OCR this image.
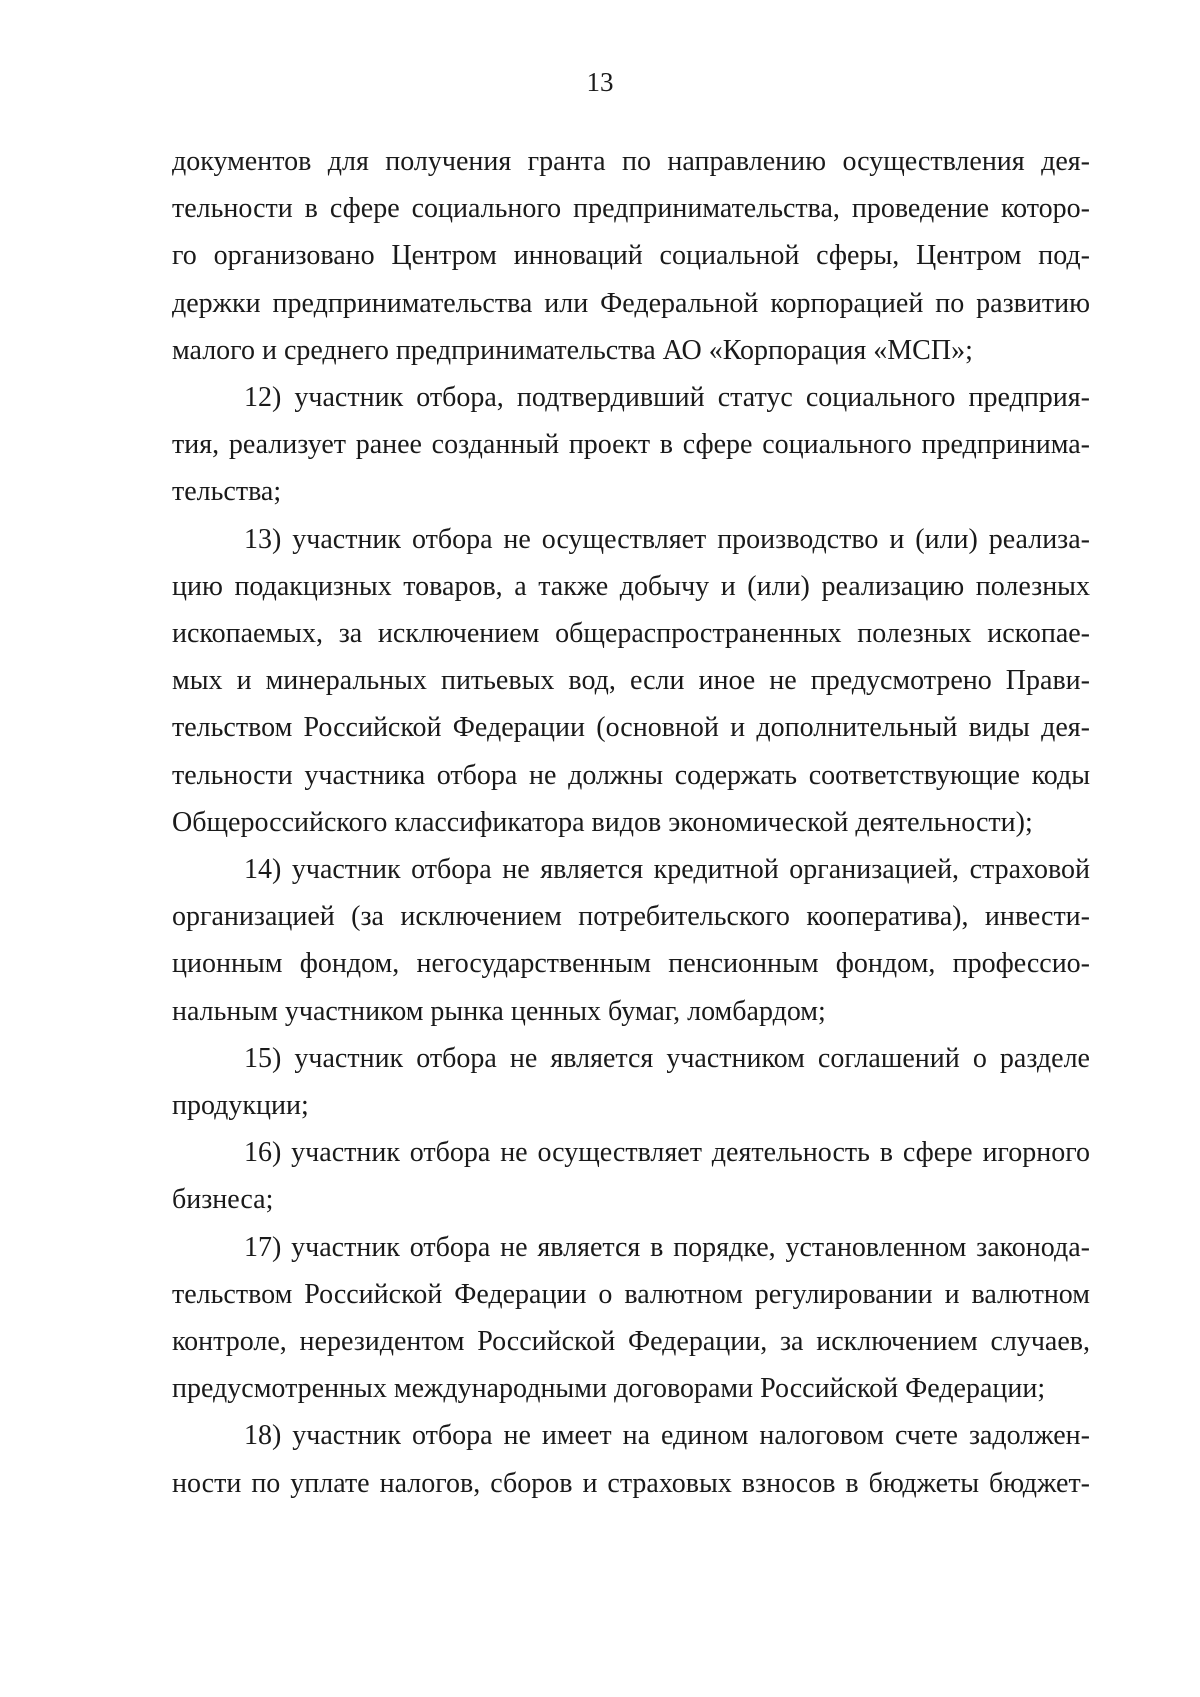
13
документов для получения гранта по направлению осуществления дея-
тельности в сфере социального предпринимательства, проведение которо-
го организовано Центром инноваций социальной сферы, Центром под-
держки предпринимательства или Федеральной корпорацией по развитию
малого и среднего предпринимательства АО «Корпорация «МСП»;
12) участник отбора, подтвердивший статус социального предприя-
тия, реализует ранее созданный проект в сфере социального предпринима-
тельства;
13) участник отбора не осуществляет производство и (или) реализа-
цию подакцизных товаров, а также добычу и (или) реализацию полезных
ископаемых, за исключением общераспространенных полезных ископае-
мых и минеральных питьевых вод, если иное не предусмотрено Прави-
тельством Российской Федерации (основной и дополнительный виды дея-
тельности участника отбора не должны содержать соответствующие коды
Общероссийского классификатора видов экономической деятельности);
14) участник отбора не является кредитной организацией, страховой
организацией (за исключением потребительского кооператива), инвести-
ционным фондом, негосударственным пенсионным фондом, профессио-
нальным участником рынка ценных бумаг, ломбардом;
15) участник отбора не является участником соглашений о разделе
продукции;
16) участник отбора не осуществляет деятельность в сфере игорного
бизнеса;
17) участник отбора не является в порядке, установленном законода-
тельством Российской Федерации о валютном регулировании и валютном
контроле, нерезидентом Российской Федерации, за исключением случаев,
предусмотренных международными договорами Российской Федерации;
18) участник отбора не имеет на едином налоговом счете задолжен-
ности по уплате налогов, сборов и страховых взносов в бюджеты бюджет-
